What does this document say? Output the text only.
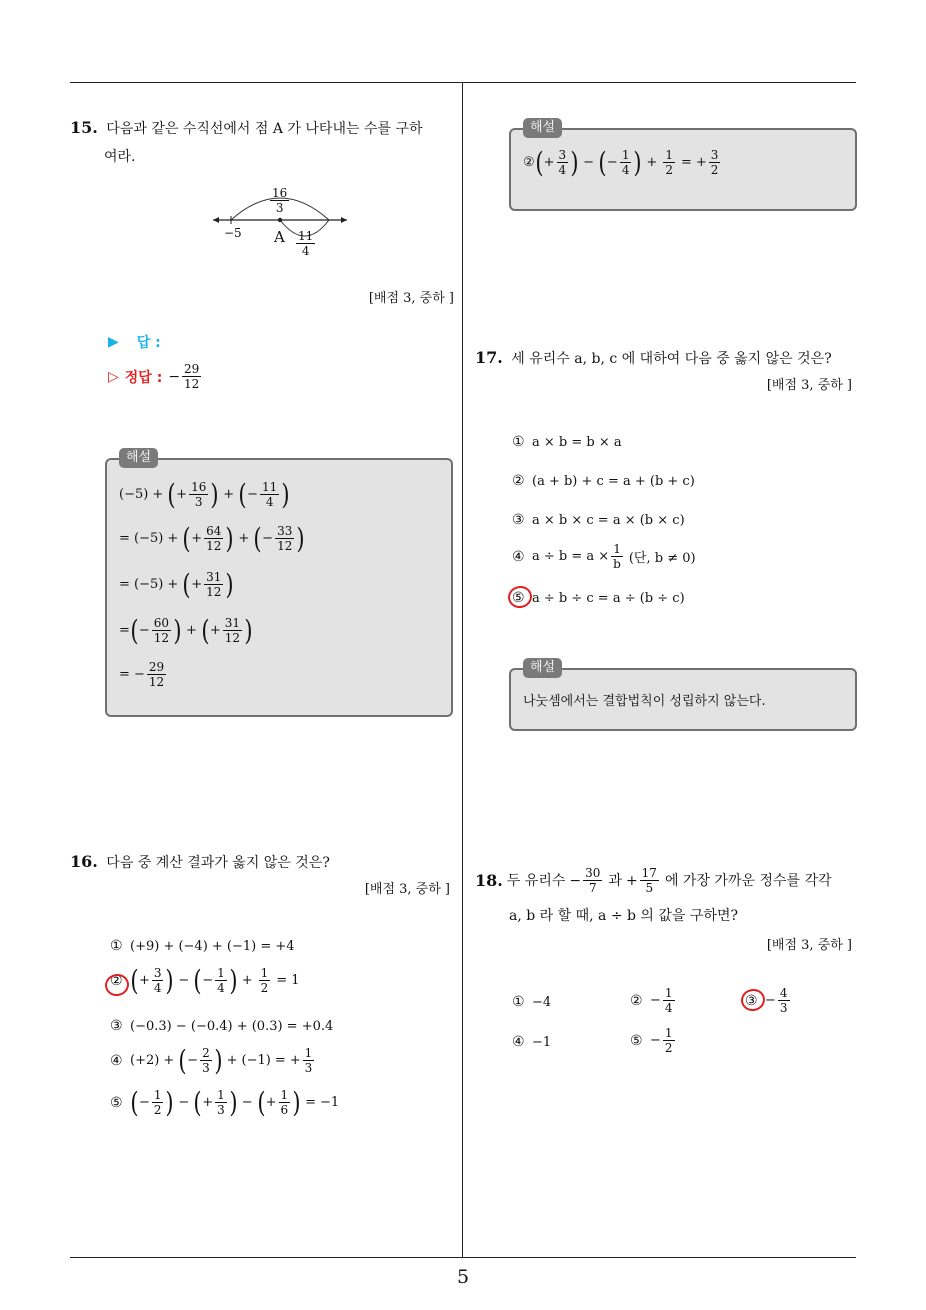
5
15. 다음과 같은 수직선에서 점 A 가 나타내는 수를 구하
여라.
$\frac{16}{3}$
−5 A $\frac{11}{4}$
[배점 3, 중하 ]
▶ 답 :
▷ 정답 : − $\frac{29}{12}$
해설
(−5) + ( + $\frac{16}{3}$ ) + ( − $\frac{11}{4}$ )
= (−5) + ( + $\frac{64}{12}$ ) + ( − $\frac{33}{12}$ )
= (−5) + ( + $\frac{31}{12}$ )
= ( − $\frac{60}{12}$ ) + ( + $\frac{31}{12}$ )
= − $\frac{29}{12}$
16. 다음 중 계산 결과가 옳지 않은 것은?
[배점 3, 중하 ]
① (+9) + (−4) + (−1) = +4
② ( + $\frac{3}{4}$ ) − ( − $\frac{1}{4}$ ) + $\frac{1}{2} = 1$
③ (−0.3) − (−0.4) + (0.3) = +0.4
④ (+2) + ( − $\frac{2}{3}$ ) + (−1) = + $\frac{1}{3}$
⑤ ( − $\frac{1}{2}$ ) − ( + $\frac{1}{3}$ ) − ( + $\frac{1}{6}$ ) = −1
해설
② ( + $\frac{3}{4}$ ) − ( − $\frac{1}{4}$ ) + $\frac{1}{2}$ = + $\frac{3}{2}$
17. 세 유리수 a, b, c 에 대하여 다음 중 옳지 않은 것은?
[배점 3, 중하 ]
① a × b = b × a
② (a + b) + c = a + (b + c)
③ a × b × c = a × (b × c)
④ $a \div b = a \times \frac{1}{b}$ (단, b ≠ 0)
⑤ a ÷ b ÷ c = a ÷ (b ÷ c)
해설
나눗셈에서는 결합법칙이 성립하지 않는다.
18. 두 유리수 − $\frac{30}{7}$ 과 + $\frac{17}{5}$ 에 가장 가까운 정수를 각각
a, b 라 할 때, a ÷ b 의 값을 구하면?
[배점 3, 중하 ]
① −4	② − $\frac{1}{4}$	③ − $\frac{4}{3}$
④ −1	⑤ − $\frac{1}{2}$
